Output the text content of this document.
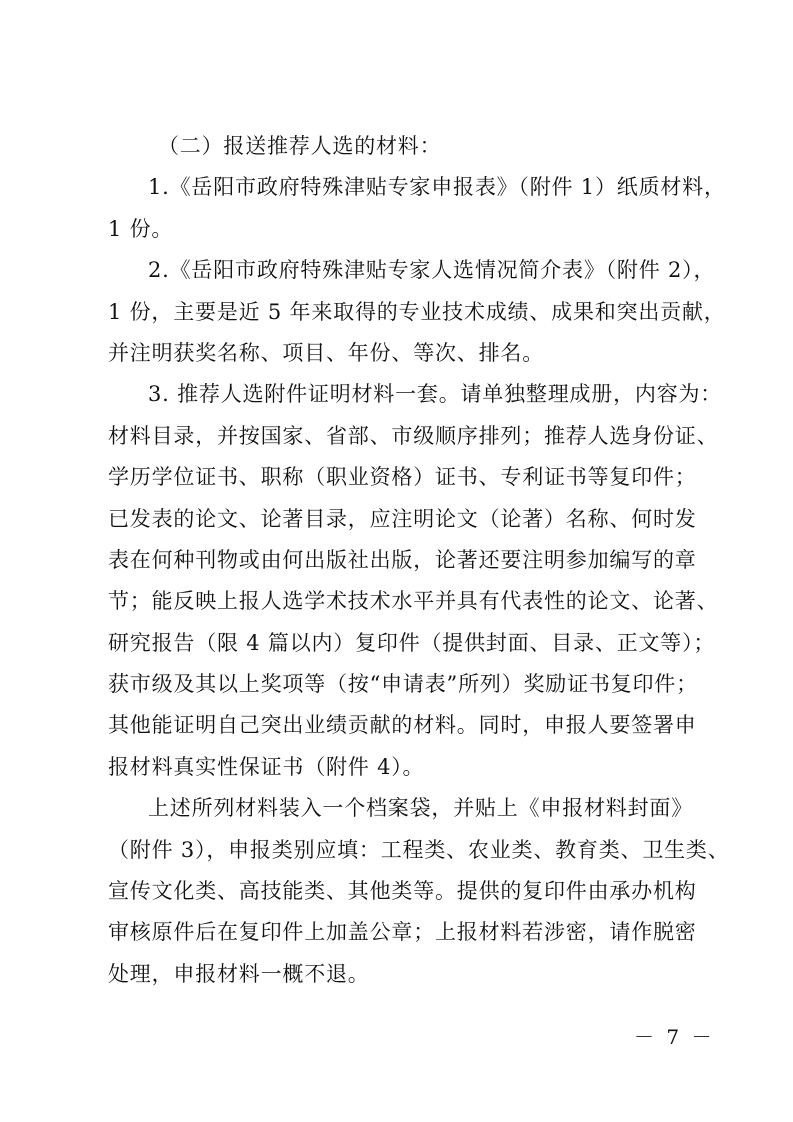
（二）报送推荐人选的材料：
1.《岳阳市政府特殊津贴专家申报表》（附件 1）纸质材料，
1 份。
2.《岳阳市政府特殊津贴专家人选情况简介表》（附件 2），
1 份，主要是近 5 年来取得的专业技术成绩、成果和突出贡献，
并注明获奖名称、项目、年份、等次、排名。
3. 推荐人选附件证明材料一套。请单独整理成册，内容为：
材料目录，并按国家、省部、市级顺序排列；推荐人选身份证、
学历学位证书、职称（职业资格）证书、专利证书等复印件；
已发表的论文、论著目录，应注明论文（论著）名称、何时发
表在何种刊物或由何出版社出版，论著还要注明参加编写的章
节；能反映上报人选学术技术水平并具有代表性的论文、论著、
研究报告（限 4 篇以内）复印件（提供封面、目录、正文等）；
获市级及其以上奖项等（按“申请表”所列）奖励证书复印件；
其他能证明自己突出业绩贡献的材料。同时，申报人要签署申
报材料真实性保证书（附件 4）。
上述所列材料装入一个档案袋，并贴上《申报材料封面》
（附件 3），申报类别应填：工程类、农业类、教育类、卫生类、
宣传文化类、高技能类、其他类等。提供的复印件由承办机构
审核原件后在复印件上加盖公章；上报材料若涉密，请作脱密
处理，申报材料一概不退。
－ 7 －
